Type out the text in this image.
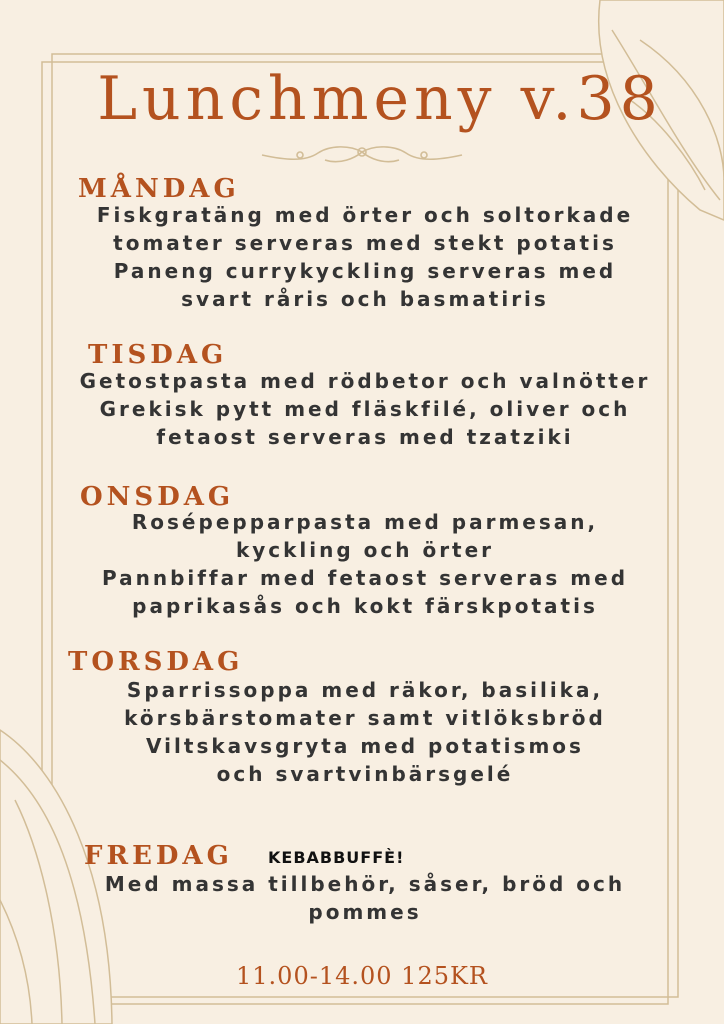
Lunchmeny v.38
MÅNDAG

Fiskgratäng med örter och soltorkade

tomater serveras med stekt potatis

Paneng currykyckling serveras med

svart råris och basmatiris

TISDAG

Getostpasta med rödbetor och valnötter

Grekisk pytt med fläskfilé, oliver och

fetaost serveras med tzatziki

ONSDAG

Rosépepparpasta med parmesan,

kyckling och örter

Pannbiffar med fetaost serveras med

paprikasås och kokt färskpotatis

TORSDAG

Sparrissoppa med räkor, basilika,

körsbärstomater samt vitlöksbröd

Viltskavsgryta med potatismos

och svartvinbärsgelé

FREDAG KEBABBUFFÈ!

Med massa tillbehör, såser, bröd och

pommes

11.00-14.00 125KR
